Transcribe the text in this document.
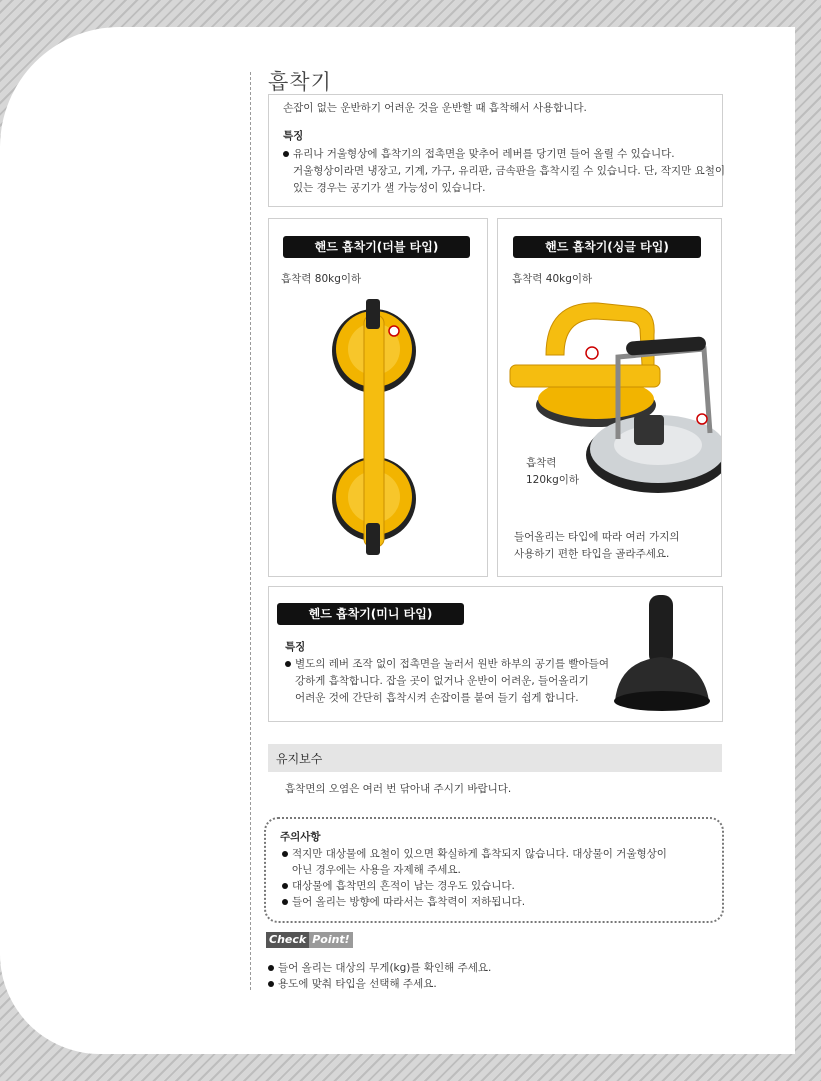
흡착기
손잡이 없는 운반하기 어려운 것을 운반할 때 흡착해서 사용합니다.
특징
유리나 거울형상에 흡착기의 접촉면을 맞추어 레버를 당기면 들어 올릴 수 있습니다.
거울형상이라면 냉장고, 기계, 가구, 유리판, 금속판을 흡착시킬 수 있습니다. 단, 작지만 요철이
있는 경우는 공기가 샐 가능성이 있습니다.
핸드 흡착기(더블 타입)
흡착력 80kg이하
핸드 흡착기(싱글 타입)
흡착력 40kg이하
흡착력
120kg이하
들어올리는 타입에 따라 여러 가지의
사용하기 편한 타입을 골라주세요.
헨드 흡착기(미니 타입)
특징
별도의 레버 조작 없이 접촉면을 눌러서 원반 하부의 공기를 빨아들여
강하게 흡착합니다. 잡을 곳이 없거나 운반이 어려운, 들어올리기
어려운 것에 간단히 흡착시켜 손잡이를 붙여 들기 쉽게 합니다.
유지보수
흡착면의 오염은 여러 번 닦아내 주시기 바랍니다.
주의사항
적지만 대상물에 요철이 있으면 확실하게 흡착되지 않습니다. 대상물이 거울형상이
아닌 경우에는 사용을 자제해 주세요.
대상물에 흡착면의 흔적이 남는 경우도 있습니다.
들어 올리는 방향에 따라서는 흡착력이 저하됩니다.
Check Point!
들어 올리는 대상의 무게(kg)를 확인해 주세요.
용도에 맞춰 타입을 선택해 주세요.
